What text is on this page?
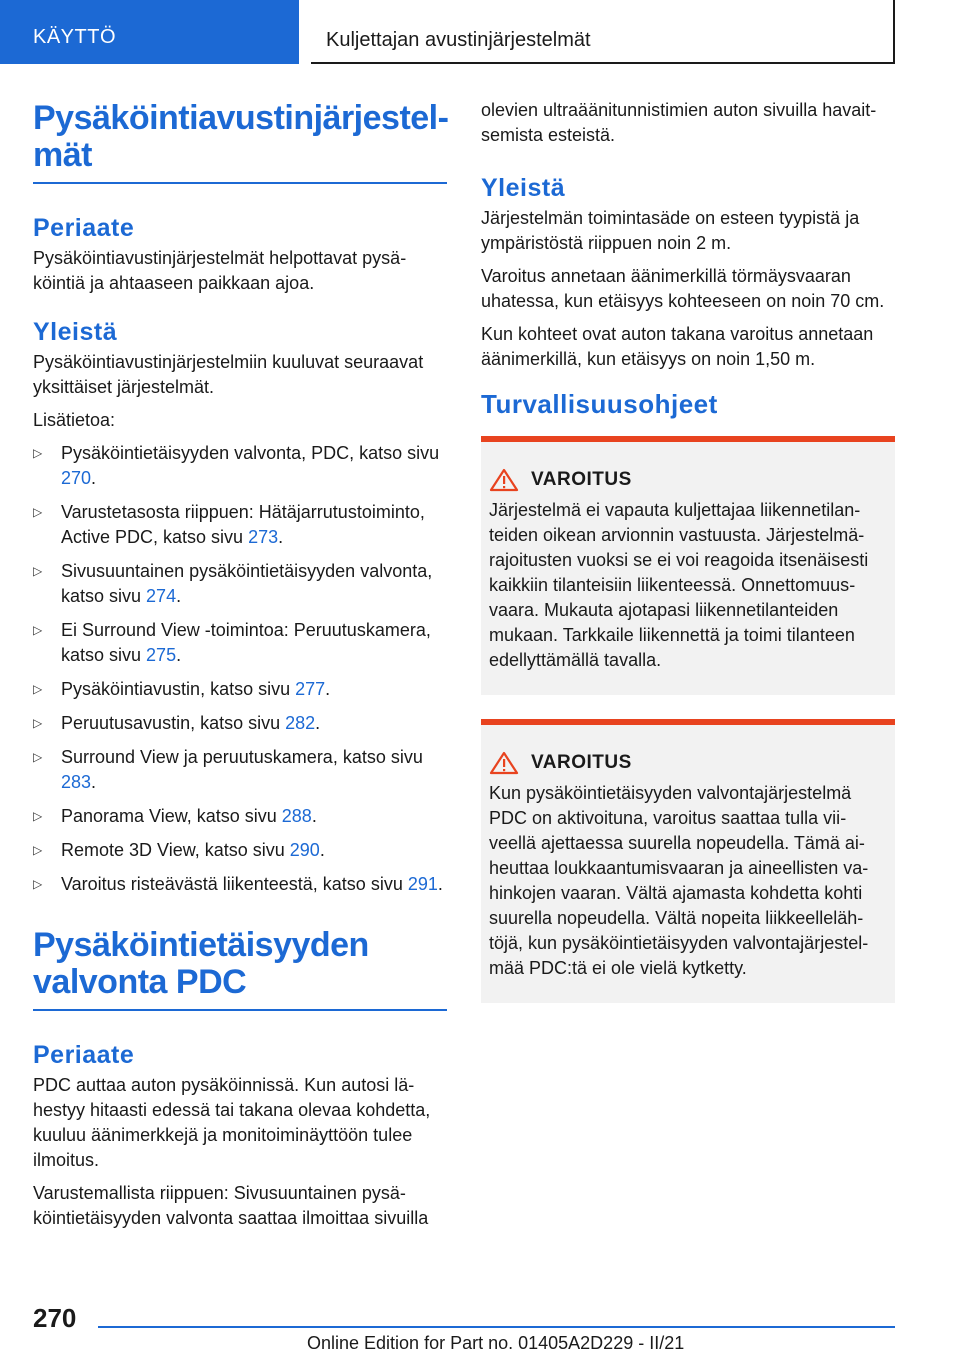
KÄYTTÖ	Kuljettajan avustinjärjestelmät
Pysäköintiavustinjärjestelmät
Periaate

Pysäköintiavustinjärjestelmät helpottavat pysäköintiä ja ahtaaseen paikkaan ajoa.

Yleistä

Pysäköintiavustinjärjestelmiin kuuluvat seuraavat yksittäiset järjestelmät.

Lisätietoa:

▷ Pysäköintietäisyyden valvonta, PDC, katso sivu 270.
▷ Varustetasosta riippuen: Hätäjarrutustoiminto, Active PDC, katso sivu 273.
▷ Sivusuuntainen pysäköintietäisyyden valvonta, katso sivu 274.
▷ Ei Surround View ‑toimintoa: Peruutuskamera, katso sivu 275.
▷ Pysäköintiavustin, katso sivu 277.
▷ Peruutusavustin, katso sivu 282.
▷ Surround View ja peruutuskamera, katso sivu 283.
▷ Panorama View, katso sivu 288.
▷ Remote 3D View, katso sivu 290.
▷ Varoitus risteävästä liikenteestä, katso sivu 291.
Pysäköintietäisyyden valvonta PDC
Periaate

PDC auttaa auton pysäköinnissä. Kun autosi lähestyy hitaasti edessä tai takana olevaa kohdetta, kuuluu äänimerkkejä ja monitoiminäyttöön tulee ilmoitus.

Varustemallista riippuen: Sivusuuntainen pysäköintietäisyyden valvonta saattaa ilmoittaa sivuilla

olevien ultraäänitunnistimien auton sivuilla havaitsemista esteistä.

Yleistä

Järjestelmän toimintasäde on esteen tyypistä ja ympäristöstä riippuen noin 2 m.

Varoitus annetaan äänimerkillä törmäysvaaran uhatessa, kun etäisyys kohteeseen on noin 70 cm.

Kun kohteet ovat auton takana varoitus annetaan äänimerkillä, kun etäisyys on noin 1,50 m.

Turvallisuusohjeet
VAROITUS

Järjestelmä ei vapauta kuljettajaa liikennetilanteiden oikean arvionnin vastuusta. Järjestelmärajoitusten vuoksi se ei voi reagoida itsenäisesti kaikkiin tilanteisiin liikenteessä. Onnettomuusvaara. Mukauta ajotapasi liikennetilanteiden mukaan. Tarkkaile liikennettä ja toimi tilanteen edellyttämällä tavalla.

VAROITUS

Kun pysäköintietäisyyden valvontajärjestelmä PDC on aktivoituna, varoitus saattaa tulla viiveellä ajettaessa suurella nopeudella. Tämä aiheuttaa loukkaantumisvaaran ja aineellisten vahinkojen vaaran. Vältä ajamasta kohdetta kohti suurella nopeudella. Vältä nopeita liikkeellelähtöjä, kun pysäköintietäisyyden valvontajärjestelmää PDC:tä ei ole vielä kytketty.

270
Online Edition for Part no. 01405A2D229 - II/21
